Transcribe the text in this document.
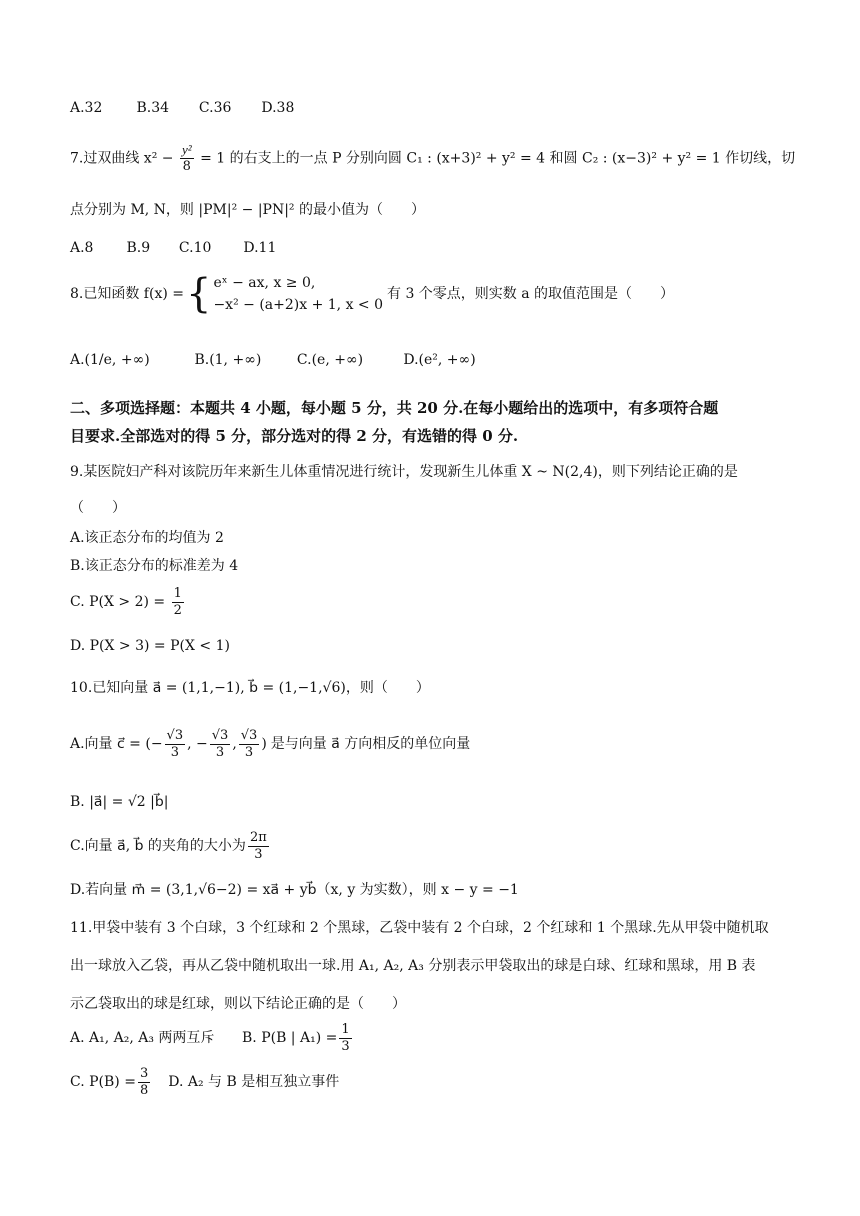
A.32 B.34 C.36 D.38
7.过双曲线 $x^2 - \frac{\text{y²}}{8} = 1$ 的右支上的一点 P 分别向圆 C₁ : (x+3)² + y² = 4 和圆 C₂ : (x−3)² + y² = 1 作切线，切
点分别为 M, N，则 |PM|² − |PN|² 的最小值为（　　）
A.8 B.9 C.10 D.11
8.已知函数 f(x) = { eˣ − ax, x ≥ 0,
−x² − (a+2)x + 1, x < 0
有 3 个零点，则实数 a 的取值范围是（　　）
A.(1/e, +∞)	B.(1, +∞)	C.(e, +∞)	D.(e², +∞)
二、多项选择题：本题共 4 小题，每小题 5 分，共 20 分.在每小题给出的选项中，有多项符合题
目要求.全部选对的得 5 分，部分选对的得 2 分，有选错的得 0 分.
9.某医院妇产科对该院历年来新生儿体重情况进行统计，发现新生儿体重 X ~ N(2,4)，则下列结论正确的是
（　　）
A.该正态分布的均值为 2
B.该正态分布的标准差为 4
C. $P(X > 2) = \frac{1}{2}$
D. P(X > 3) = P(X < 1)
10.已知向量 a⃗ = (1,1,−1), b⃗ = (1,−1,√6)，则（　　）
A.向量 c⃗ = ( − $\frac{√3}{3}$ , − $\frac{√3}{3}$ , $\frac{√3}{3}$ ) 是与向量 a⃗ 方向相反的单位向量
B. |a⃗| = √2 |b⃗|
C.向量 a⃗, b⃗ 的夹角的大小为 $\frac{2\pi}{3}$
D.若向量 m⃗ = (3,1,√6−2) = xa⃗ + yb⃗（x, y 为实数），则 x − y = −1
11.甲袋中装有 3 个白球，3 个红球和 2 个黑球，乙袋中装有 2 个白球，2 个红球和 1 个黑球.先从甲袋中随机取
出一球放入乙袋，再从乙袋中随机取出一球.用 A₁, A₂, A₃ 分别表示甲袋取出的球是白球、红球和黑球，用 B 表
示乙袋取出的球是红球，则以下结论正确的是（　　）
A. A₁, A₂, A₃ 两两互斥	B. P(B | $A_1) = \frac{1}{3}$
C. $P(B) = \frac{3}{8} D$. A₂ 与 B 是相互独立事件
